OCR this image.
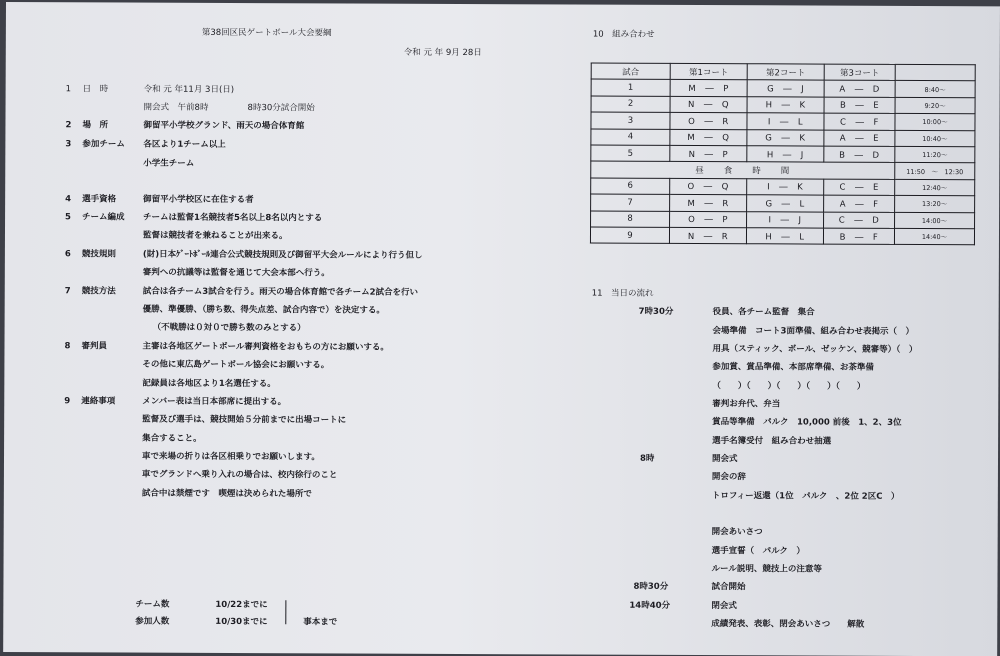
第38回区民ゲートボール大会要綱
令和 元 年 9月 28日
1 日　時	令和 元 年11月 3日(日)
開会式　午前8時	8時30分試合開始
2 場　所	御留平小学校グランド、雨天の場合体育館
3 参加チーム 各区より1チーム以上
小学生チーム
4 選手資格	御留平小学校区に在住する者
5 チーム編成 チームは監督1名競技者5名以上8名以内とする
監督は競技者を兼ねることが出来る。
6 競技規則	(財)日本ｹﾞｰﾄﾎﾞｰﾙ連合公式競技規則及び御留平大会ルールにより行う但し
審判への抗議等は監督を通じて大会本部へ行う。
7 競技方法	試合は各チーム3試合を行う。雨天の場合体育館で各チーム2試合を行い
優勝、準優勝、（勝ち数、得失点差、試合内容で）を決定する。
（不戦勝は０対０で勝ち数のみとする）
8 審判員	主審は各地区ゲートボール審判資格をおもちの方にお願いする。
その他に東広島ゲートボール協会にお願いする。
記録員は各地区より1名選任する。
9 連絡事項	メンバー表は当日本部席に提出する。
監督及び選手は、競技開始５分前までに出場コートに
集合すること。
車で来場の折りは各区相乗りでお願いします。
車でグランドへ乗り入れの場合は、校内徐行のこと
試合中は禁煙です　喫煙は決められた場所で
チーム数	10/22までに
参加人数	10/30までに	事本まで
10　組み合わせ
試合	第1コート	第2コート	第3コート	
1	M　―　P	G　―　J	A　―　D	8:40～
2	N　―　Q	H　―　K	B　―　E	9:20～
3	O　―　R	I　―　L	C　―　F	10:00～
4	M　―　Q	G　―　K	A　―　E	10:40～
5	N　―　P	H　―　J	B　―　D	11:20～
昼　　食　　時　　間				11:50　～　12:30
6	O　―　Q	I　―　K	C　―　E	12:40～
7	M　―　R	G　―　L	A　―　F	13:20～
8	O　―　P	I　―　J	C　―　D	14:00～
9	N　―　R	H　―　L	B　―　F	14:40～
11　当日の流れ
7時30分	役員、各チーム監督　集合
会場準備　コート3面準備、組み合わせ表掲示（　）
用具（スティック、ボール、ゼッケン、競審等）（　）
参加賞、賞品準備、本部席準備、お茶準備
（　　）（　　）（　　）（　　）（　　）
審判お弁代、弁当
賞品等準備　パルク　10,000 前後　1、2、3位
選手名簿受付　組み合わせ抽選
8時	開会式
開会の辞
トロフィー返還（1位　パルク　、2位 2区C　）
開会あいさつ
選手宣誓（　パルク　）
ルール説明、競技上の注意等
8時30分	試合開始
14時40分	閉会式
成績発表、表彰、閉会あいさつ　　解散
